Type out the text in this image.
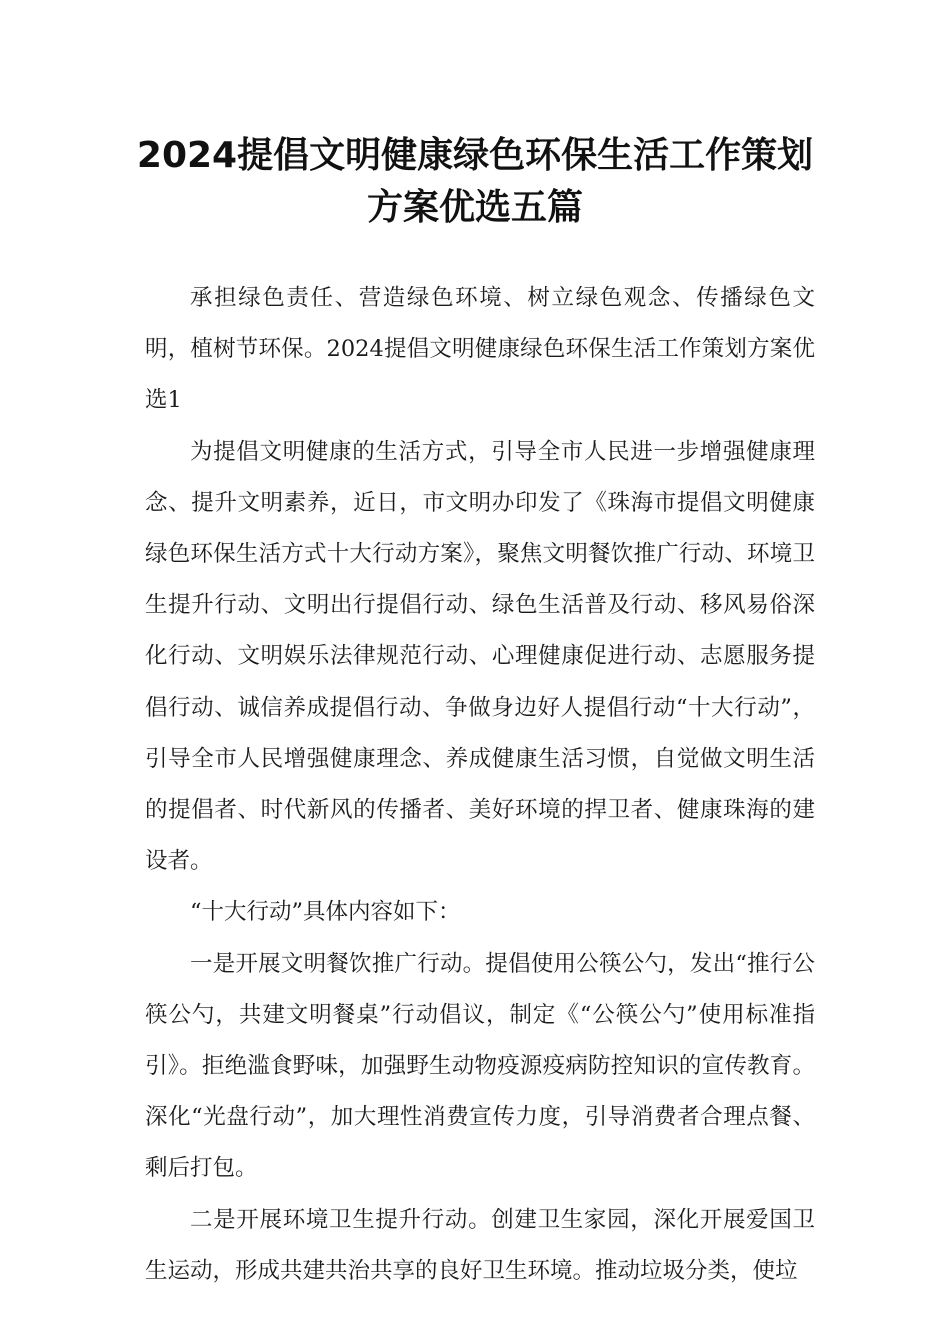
2024提倡文明健康绿色环保生活工作策划方案优选五篇

承担绿色责任、营造绿色环境、树立绿色观念、传播绿色文明，植树节环保。2024提倡文明健康绿色环保生活工作策划方案优选1

为提倡文明健康的生活方式，引导全市人民进一步增强健康理念、提升文明素养，近日，市文明办印发了《珠海市提倡文明健康绿色环保生活方式十大行动方案》，聚焦文明餐饮推广行动、环境卫生提升行动、文明出行提倡行动、绿色生活普及行动、移风易俗深化行动、文明娱乐法律规范行动、心理健康促进行动、志愿服务提倡行动、诚信养成提倡行动、争做身边好人提倡行动“十大行动”，引导全市人民增强健康理念、养成健康生活习惯，自觉做文明生活的提倡者、时代新风的传播者、美好环境的捍卫者、健康珠海的建设者。

“十大行动”具体内容如下：

一是开展文明餐饮推广行动。提倡使用公筷公勺，发出“推行公筷公勺，共建文明餐桌”行动倡议，制定《“公筷公勺”使用标准指引》。拒绝滥食野味，加强野生动物疫源疫病防控知识的宣传教育。深化“光盘行动”，加大理性消费宣传力度，引导消费者合理点餐、剩后打包。

二是开展环境卫生提升行动。创建卫生家园，深化开展爱国卫生运动，形成共建共治共享的良好卫生环境。推动垃圾分类，使垃
